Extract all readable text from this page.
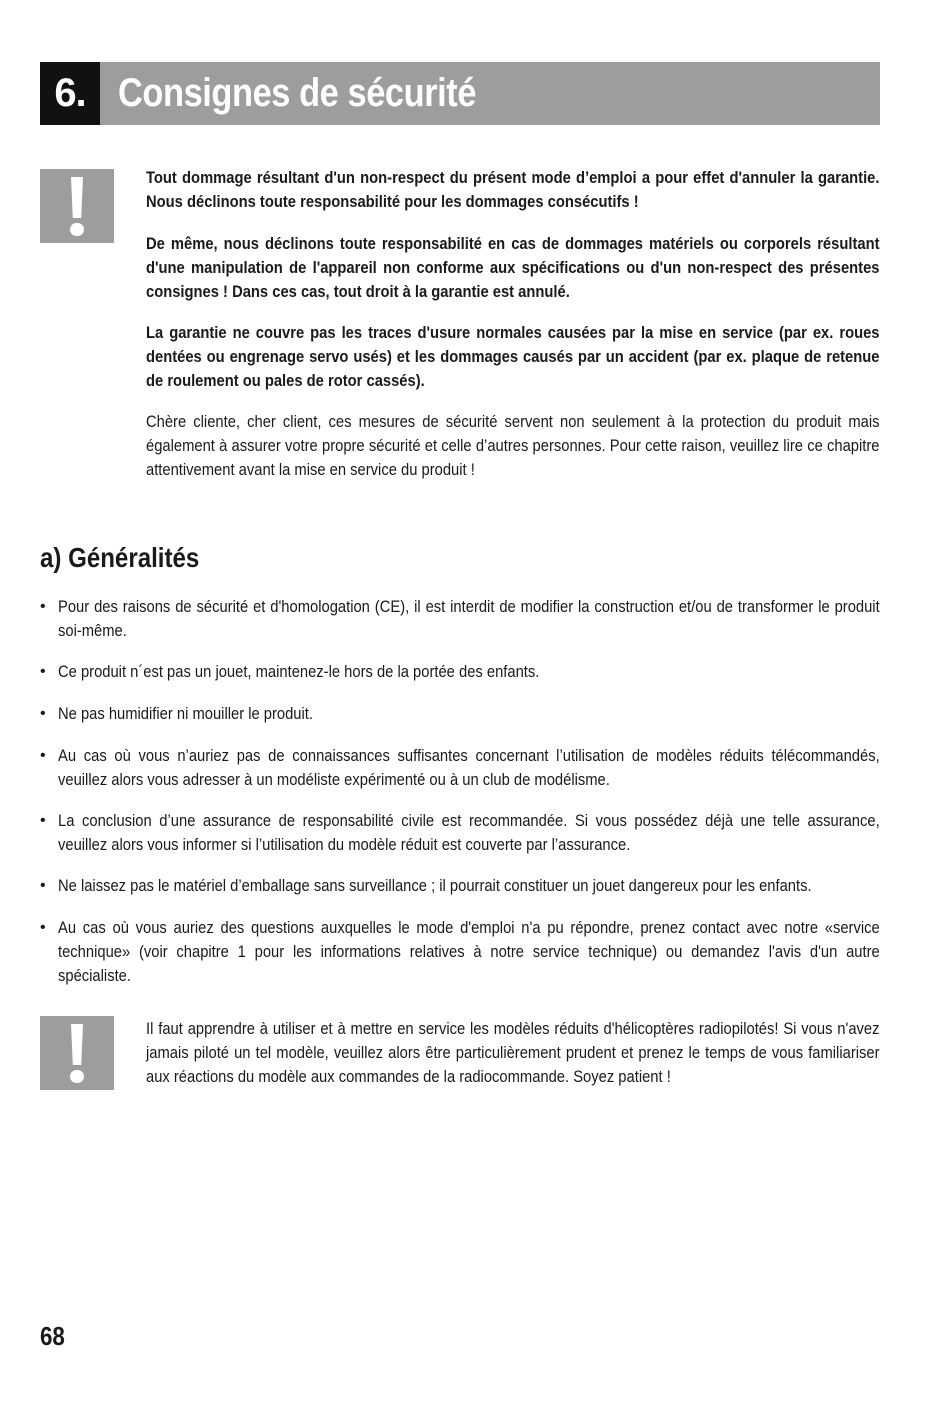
6. Consignes de sécurité

Tout dommage résultant d'un non-respect du présent mode d’emploi a pour effet d'annuler la garantie. Nous déclinons toute responsabilité pour les dommages consécutifs !

De même, nous déclinons toute responsabilité en cas de dommages matériels ou corporels résultant d'une manipulation de l'appareil non conforme aux spécifications ou d'un non-respect des présentes consignes ! Dans ces cas, tout droit à la garantie est annulé.

La garantie ne couvre pas les traces d'usure normales causées par la mise en service (par ex. roues dentées ou engrenage servo usés) et les dommages causés par un accident (par ex. plaque de retenue de roulement ou pales de rotor cassés).

Chère cliente, cher client, ces mesures de sécurité servent non seulement à la protection du produit mais également à assurer votre propre sécurité et celle d’autres personnes. Pour cette raison, veuillez lire ce chapitre attentivement avant la mise en service du produit !

a) Généralités
• Pour des raisons de sécurité et d'homologation (CE), il est interdit de modifier la construction et/ou de transformer le produit soi-même.

• Ce produit n´est pas un jouet, maintenez-le hors de la portée des enfants.

• Ne pas humidifier ni mouiller le produit.

• Au cas où vous n’auriez pas de connaissances suffisantes concernant l’utilisation de modèles réduits télécommandés, veuillez alors vous adresser à un modéliste expérimenté ou à un club de modélisme.

• La conclusion d’une assurance de responsabilité civile est recommandée. Si vous possédez déjà une telle assurance, veuillez alors vous informer si l’utilisation du modèle réduit est couverte par l’assurance.

• Ne laissez pas le matériel d’emballage sans surveillance ; il pourrait constituer un jouet dangereux pour les enfants.

• Au cas où vous auriez des questions auxquelles le mode d'emploi n'a pu répondre, prenez contact avec notre «service technique» (voir chapitre 1 pour les informations relatives à notre service technique) ou demandez l'avis d'un autre spécialiste.

Il faut apprendre à utiliser et à mettre en service les modèles réduits d'hélicoptères radiopilotés! Si vous n'avez jamais piloté un tel modèle, veuillez alors être particulièrement prudent et prenez le temps de vous familiariser aux réactions du modèle aux commandes de la radiocommande. Soyez patient !

68
